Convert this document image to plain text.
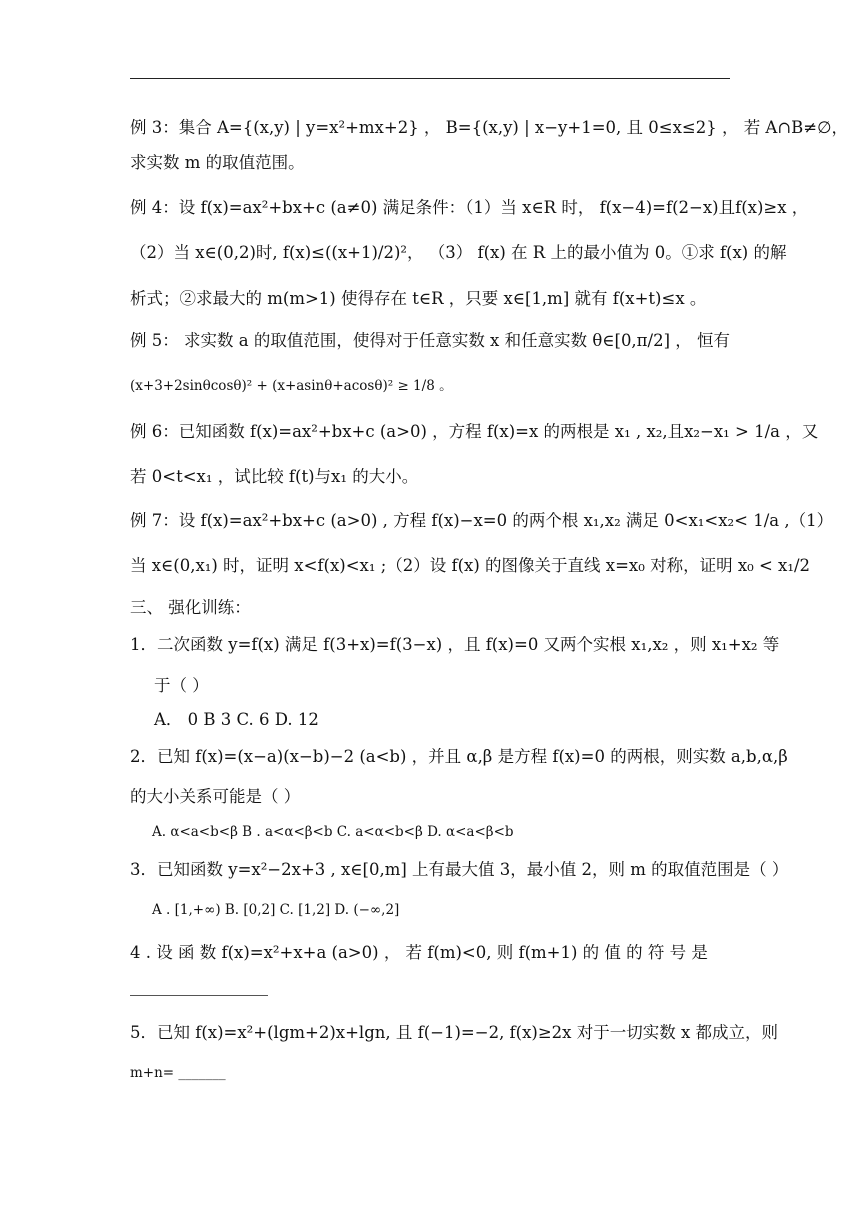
例 3：集合 A={(x,y) | y=x²+mx+2} ， B={(x,y) | x−y+1=0, 且 0≤x≤2} ， 若 A∩B≠∅，
求实数 m 的取值范围。
例 4：设 f(x)=ax²+bx+c (a≠0) 满足条件：（1）当 x∈R 时， f(x−4)=f(2−x)且f(x)≥x ，
（2）当 x∈(0,2)时, f(x)≤((x+1)/2)²， （3） f(x) 在 R 上的最小值为 0。①求 f(x) 的解
析式；②求最大的 m(m>1) 使得存在 t∈R ，只要 x∈[1,m] 就有 f(x+t)≤x 。
例 5： 求实数 a 的取值范围，使得对于任意实数 x 和任意实数 θ∈[0,π/2] ， 恒有
(x+3+2sinθcosθ)² + (x+asinθ+acosθ)² ≥ 1/8 。
例 6：已知函数 f(x)=ax²+bx+c (a>0) ，方程 f(x)=x 的两根是 x₁ , x₂,且x₂−x₁ > 1/a ，又
若 0<t<x₁ ，试比较 f(t)与x₁ 的大小。
例 7：设 f(x)=ax²+bx+c (a>0) , 方程 f(x)−x=0 的两个根 x₁,x₂ 满足 0<x₁<x₂< 1/a ,（1）
当 x∈(0,x₁) 时，证明 x<f(x)<x₁ ;（2）设 f(x) 的图像关于直线 x=x₀ 对称，证明 x₀ < x₁/2
三、 强化训练：
1．二次函数 y=f(x) 满足 f(3+x)=f(3−x) ，且 f(x)=0 又两个实根 x₁,x₂ ，则 x₁+x₂ 等
于（ ）
A． 0 B 3 C. 6 D. 12
2．已知 f(x)=(x−a)(x−b)−2 (a<b) ，并且 α,β 是方程 f(x)=0 的两根，则实数 a,b,α,β
的大小关系可能是（ ）
A. α<a<b<β B . a<α<β<b C. a<α<b<β D. α<a<β<b
3．已知函数 y=x²−2x+3 , x∈[0,m] 上有最大值 3，最小值 2，则 m 的取值范围是（ ）
A . [1,+∞) B. [0,2] C. [1,2] D. (−∞,2]
4 . 设 函 数 f(x)=x²+x+a (a>0) ， 若 f(m)<0, 则 f(m+1) 的 值 的 符 号 是
5．已知 f(x)=x²+(lgm+2)x+lgn, 且 f(−1)=−2, f(x)≥2x 对于一切实数 x 都成立，则
m+n= _______
